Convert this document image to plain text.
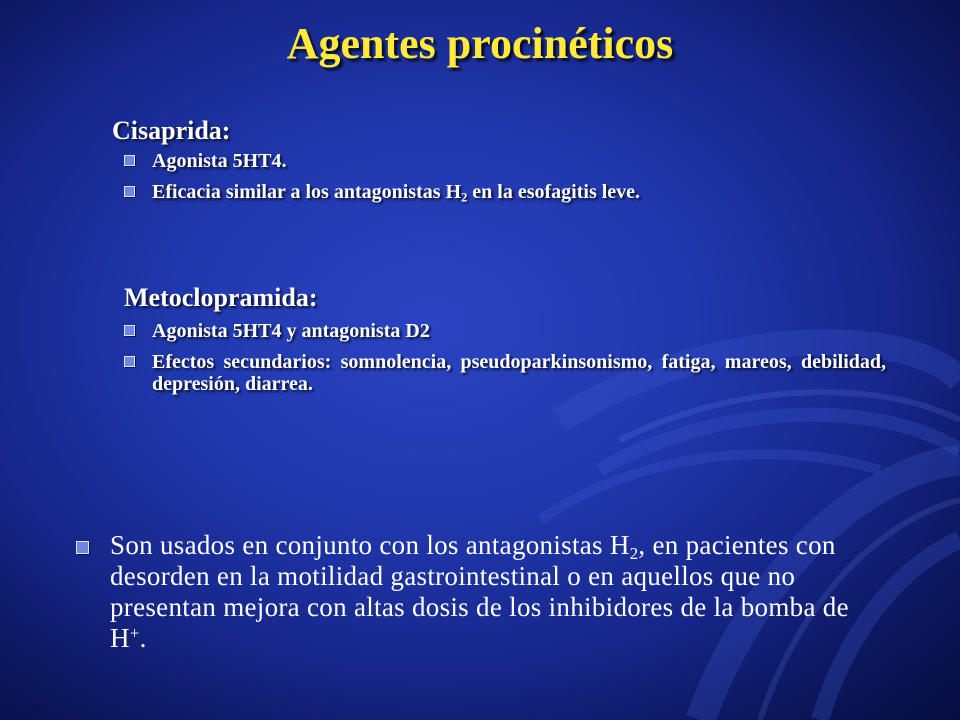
Agentes procinéticos
Cisaprida:
Agonista 5HT4.
Eficacia similar a los antagonistas $H_2$ en la esofagitis leve.
Metoclopramida:
Agonista 5HT4 y antagonista D2
Efectos secundarios: somnolencia, pseudoparkinsonismo, fatiga, mareos, debilidad, depresión, diarrea.
Son usados en conjunto con los antagonistas $H_2$, en pacientes con desorden en la motilidad gastrointestinal o en aquellos que no presentan mejora con altas dosis de los inhibidores de la bomba de H+.
